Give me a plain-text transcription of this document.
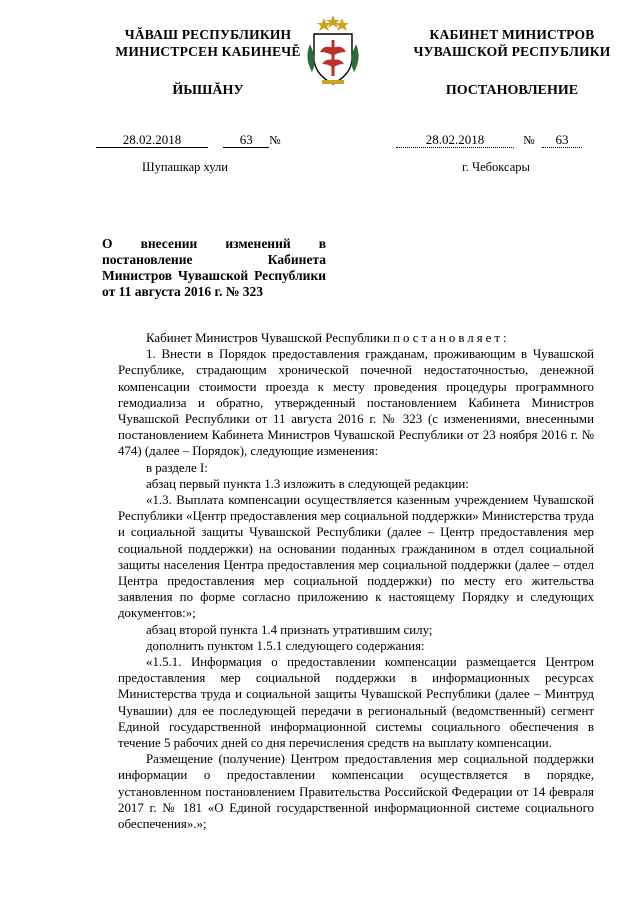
ЧĂВАШ РЕСПУБЛИКИН
МИНИСТРСЕН КАБИНЕЧĔ
ЙЫШĂНУ
КАБИНЕТ МИНИСТРОВ
ЧУВАШСКОЙ РЕСПУБЛИКИ
ПОСТАНОВЛЕНИЕ
28.02.2018	63 №	28.02.2018	№ 63
Шупашкар хули	г. Чебоксары
О внесении изменений в постановление Кабинета Министров Чувашской Республики от 11 августа 2016 г. № 323

Кабинет Министров Чувашской Республики постановляет:

1. Внести в Порядок предоставления гражданам, проживающим в Чувашской Республике, страдающим хронической почечной недостаточностью, денежной компенсации стоимости проезда к месту проведения процедуры программного гемодиализа и обратно, утвержденный постановлением Кабинета Министров Чувашской Республики от 11 августа 2016 г. № 323 (с изменениями, внесенными постановлением Кабинета Министров Чувашской Республики от 23 ноября 2016 г. № 474) (далее – Порядок), следующие изменения:

в разделе I:

абзац первый пункта 1.3 изложить в следующей редакции:

«1.3. Выплата компенсации осуществляется казенным учреждением Чувашской Республики «Центр предоставления мер социальной поддержки» Министерства труда и социальной защиты Чувашской Республики (далее – Центр предоставления мер социальной поддержки) на основании поданных гражданином в отдел социальной защиты населения Центра предоставления мер социальной поддержки (далее – отдел Центра предоставления мер социальной поддержки) по месту его жительства заявления по форме согласно приложению к настоящему Порядку и следующих документов:»;

абзац второй пункта 1.4 признать утратившим силу;

дополнить пунктом 1.5.1 следующего содержания:

«1.5.1. Информация о предоставлении компенсации размещается Центром предоставления мер социальной поддержки в информационных ресурсах Министерства труда и социальной защиты Чувашской Республики (далее – Минтруд Чувашии) для ее последующей передачи в региональный (ведомственный) сегмент Единой государственной информационной системы социального обеспечения в течение 5 рабочих дней со дня перечисления средств на выплату компенсации.

Размещение (получение) Центром предоставления мер социальной поддержки информации о предоставлении компенсации осуществляется в порядке, установленном постановлением Правительства Российской Федерации от 14 февраля 2017 г. № 181 «О Единой государственной информационной системе социального обеспечения».»;
